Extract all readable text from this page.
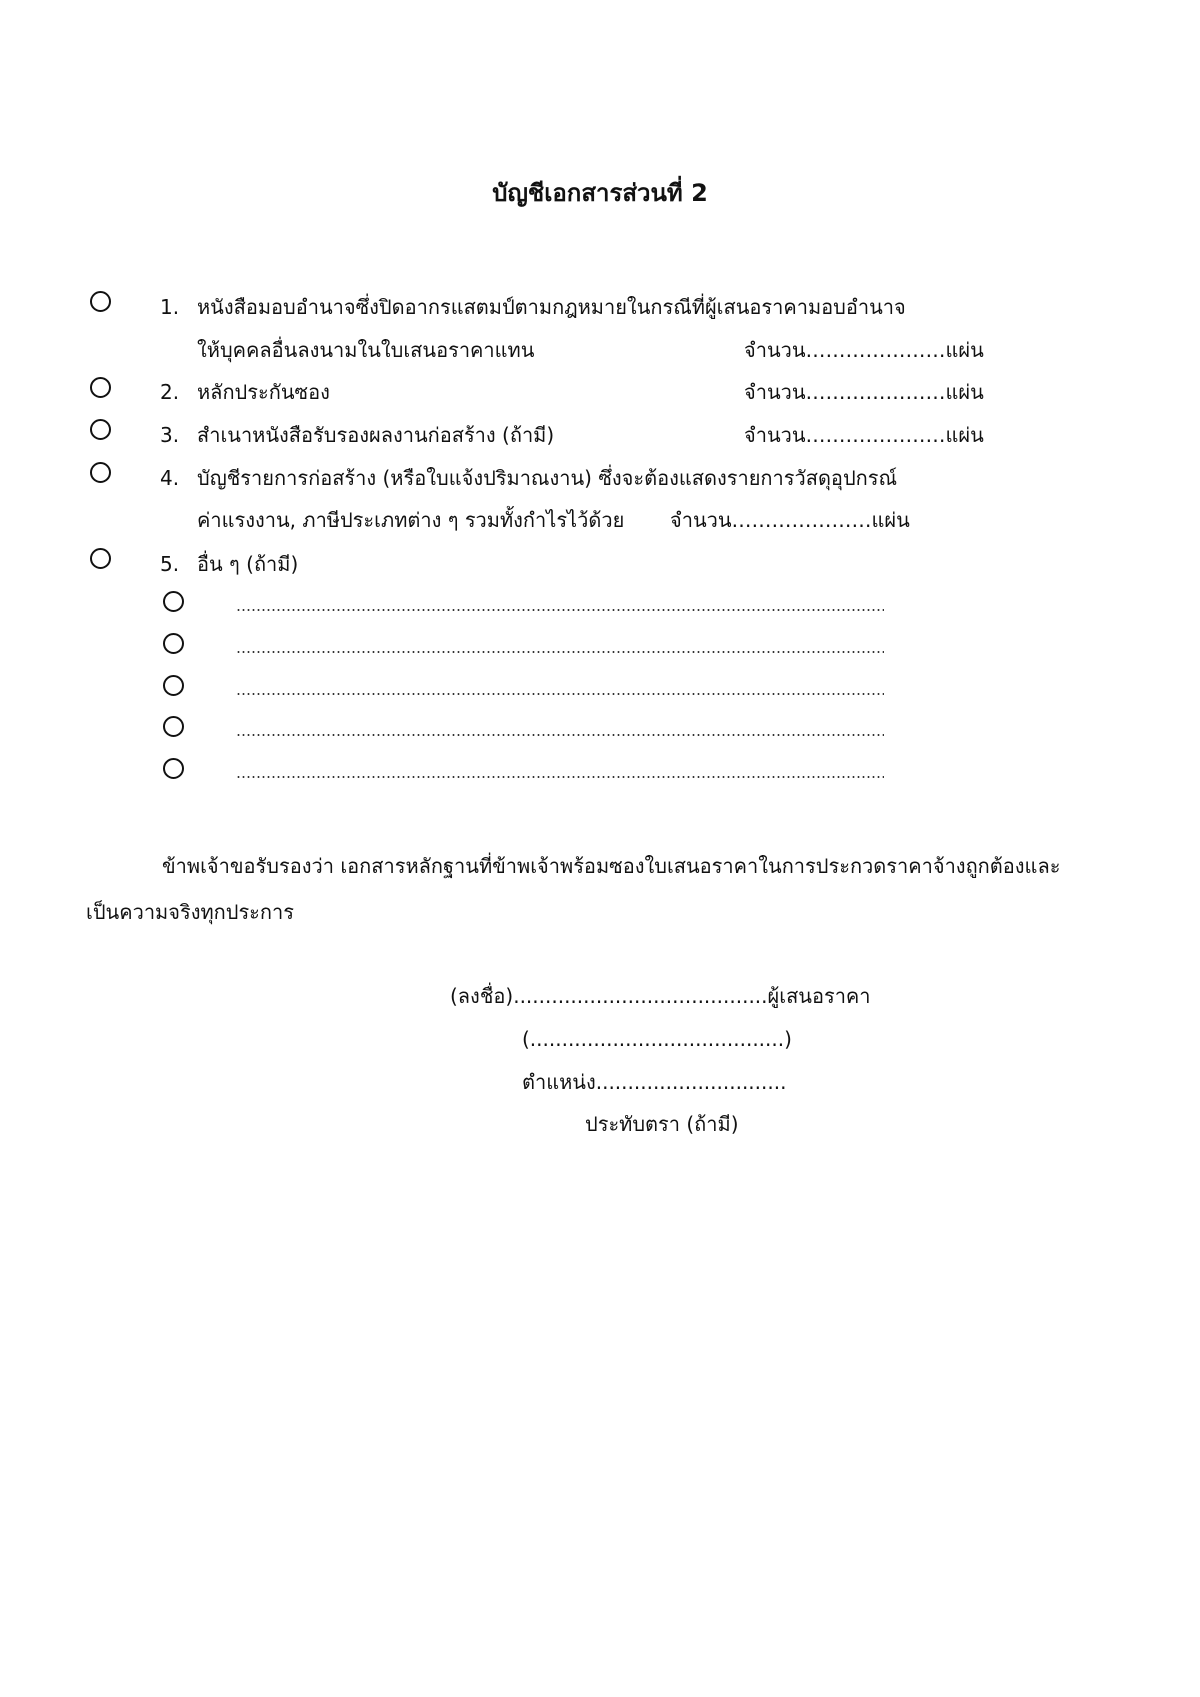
บัญชีเอกสารส่วนที่ 2
1. หนังสือมอบอำนาจซึ่งปิดอากรแสตมป์ตามกฎหมายในกรณีที่ผู้เสนอราคามอบอำนาจ
ให้บุคคลอื่นลงนามในใบเสนอราคาแทน	จำนวน…………………แผ่น
2. หลักประกันซอง	จำนวน…………………แผ่น
3. สำเนาหนังสือรับรองผลงานก่อสร้าง (ถ้ามี)	จำนวน…………………แผ่น
4. บัญชีรายการก่อสร้าง (หรือใบแจ้งปริมาณงาน) ซึ่งจะต้องแสดงรายการวัสดุอุปกรณ์
ค่าแรงงาน, ภาษีประเภทต่าง ๆ รวมทั้งกำไรไว้ด้วย จำนวน…………………แผ่น
5. อื่น ๆ (ถ้ามี)
ข้าพเจ้าขอรับรองว่า เอกสารหลักฐานที่ข้าพเจ้าพร้อมซองใบเสนอราคาในการประกวดราคาจ้างถูกต้องและเป็นความจริงทุกประการ
(ลงชื่อ)........................................ผู้เสนอราคา
(........................................)
ตำแหน่ง..............................
ประทับตรา (ถ้ามี)
